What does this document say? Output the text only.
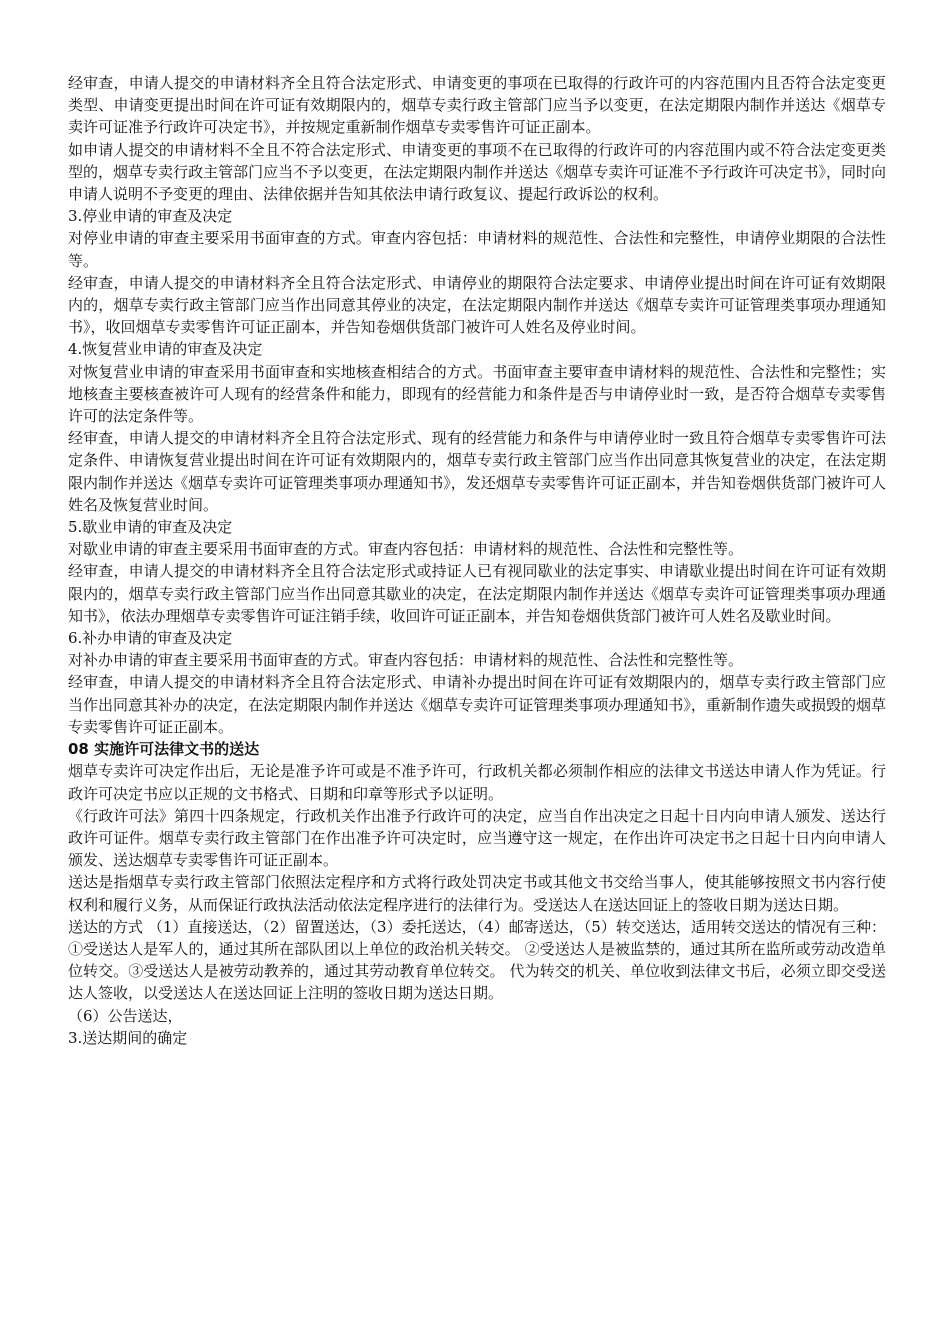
经审查，申请人提交的申请材料齐全且符合法定形式、申请变更的事项在已取得的行政许可的内容范围内且否符合法定变更类型、申请变更提出时间在许可证有效期限内的，烟草专卖行政主管部门应当予以变更，在法定期限内制作并送达《烟草专卖许可证准予行政许可决定书》，并按规定重新制作烟草专卖零售许可证正副本。

如申请人提交的申请材料不全且不符合法定形式、申请变更的事项不在已取得的行政许可的内容范围内或不符合法定变更类型的，烟草专卖行政主管部门应当不予以变更，在法定期限内制作并送达《烟草专卖许可证准不予行政许可决定书》，同时向申请人说明不予变更的理由、法律依据并告知其依法申请行政复议、提起行政诉讼的权利。

3.停业申请的审查及决定

对停业申请的审查主要采用书面审查的方式。审查内容包括：申请材料的规范性、合法性和完整性，申请停业期限的合法性等。

经审查，申请人提交的申请材料齐全且符合法定形式、申请停业的期限符合法定要求、申请停业提出时间在许可证有效期限内的，烟草专卖行政主管部门应当作出同意其停业的决定，在法定期限内制作并送达《烟草专卖许可证管理类事项办理通知书》，收回烟草专卖零售许可证正副本，并告知卷烟供货部门被许可人姓名及停业时间。

4.恢复营业申请的审查及决定

对恢复营业申请的审查采用书面审查和实地核查相结合的方式。书面审查主要审查申请材料的规范性、合法性和完整性；实地核查主要核查被许可人现有的经营条件和能力，即现有的经营能力和条件是否与申请停业时一致，是否符合烟草专卖零售许可的法定条件等。

经审查，申请人提交的申请材料齐全且符合法定形式、现有的经营能力和条件与申请停业时一致且符合烟草专卖零售许可法定条件、申请恢复营业提出时间在许可证有效期限内的，烟草专卖行政主管部门应当作出同意其恢复营业的决定，在法定期限内制作并送达《烟草专卖许可证管理类事项办理通知书》，发还烟草专卖零售许可证正副本，并告知卷烟供货部门被许可人姓名及恢复营业时间。

5.歇业申请的审查及决定

对歇业申请的审查主要采用书面审查的方式。审查内容包括：申请材料的规范性、合法性和完整性等。

经审查，申请人提交的申请材料齐全且符合法定形式或持证人已有视同歇业的法定事实、申请歇业提出时间在许可证有效期限内的，烟草专卖行政主管部门应当作出同意其歇业的决定，在法定期限内制作并送达《烟草专卖许可证管理类事项办理通知书》，依法办理烟草专卖零售许可证注销手续，收回许可证正副本，并告知卷烟供货部门被许可人姓名及歇业时间。

6.补办申请的审查及决定

对补办申请的审查主要采用书面审查的方式。审查内容包括：申请材料的规范性、合法性和完整性等。

经审查，申请人提交的申请材料齐全且符合法定形式、申请补办提出时间在许可证有效期限内的，烟草专卖行政主管部门应当作出同意其补办的决定，在法定期限内制作并送达《烟草专卖许可证管理类事项办理通知书》，重新制作遗失或损毁的烟草专卖零售许可证正副本。

08 实施许可法律文书的送达

烟草专卖许可决定作出后，无论是准予许可或是不准予许可，行政机关都必须制作相应的法律文书送达申请人作为凭证。行政许可决定书应以正规的文书格式、日期和印章等形式予以证明。

《行政许可法》第四十四条规定，行政机关作出准予行政许可的决定，应当自作出决定之日起十日内向申请人颁发、送达行政许可证件。烟草专卖行政主管部门在作出准予许可决定时，应当遵守这一规定，在作出许可决定书之日起十日内向申请人颁发、送达烟草专卖零售许可证正副本。

送达是指烟草专卖行政主管部门依照法定程序和方式将行政处罚决定书或其他文书交给当事人，使其能够按照文书内容行使权利和履行义务，从而保证行政执法活动依法定程序进行的法律行为。受送达人在送达回证上的签收日期为送达日期。

送达的方式 （1）直接送达，（2）留置送达，（3）委托送达，（4）邮寄送达，（5）转交送达，适用转交送达的情况有三种：①受送达人是军人的，通过其所在部队团以上单位的政治机关转交。 ②受送达人是被监禁的，通过其所在监所或劳动改造单位转交。③受送达人是被劳动教养的，通过其劳动教育单位转交。 代为转交的机关、单位收到法律文书后，必须立即交受送达人签收，以受送达人在送达回证上注明的签收日期为送达日期。

（6）公告送达，

3.送达期间的确定
